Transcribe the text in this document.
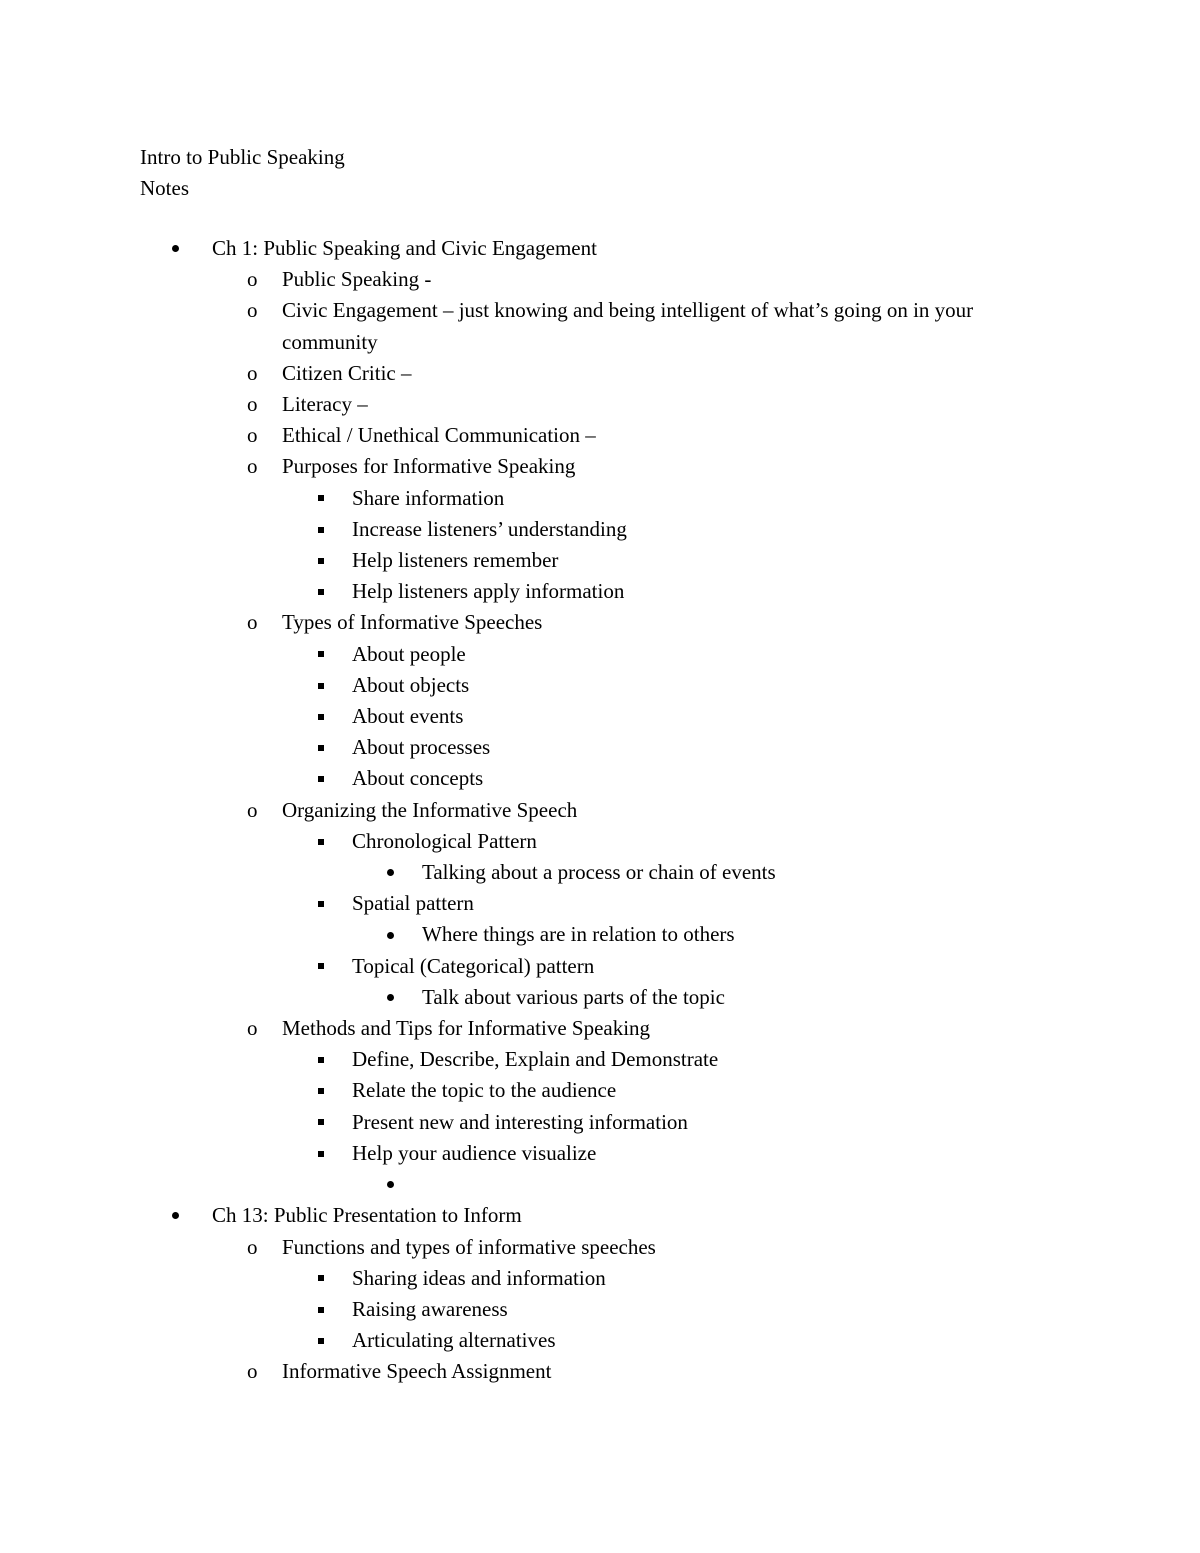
Intro to Public Speaking
Notes
Ch 1: Public Speaking and Civic Engagement
o Public Speaking -
o Civic Engagement – just knowing and being intelligent of what’s going on in your community
o Citizen Critic –
o Literacy –
o Ethical / Unethical Communication –
o Purposes for Informative Speaking
Share information
Increase listeners’ understanding
Help listeners remember
Help listeners apply information
o Types of Informative Speeches
About people
About objects
About events
About processes
About concepts
o Organizing the Informative Speech
Chronological Pattern
Talking about a process or chain of events
Spatial pattern
Where things are in relation to others
Topical (Categorical) pattern
Talk about various parts of the topic
o Methods and Tips for Informative Speaking
Define, Describe, Explain and Demonstrate
Relate the topic to the audience
Present new and interesting information
Help your audience visualize

Ch 13: Public Presentation to Inform
o Functions and types of informative speeches
Sharing ideas and information
Raising awareness
Articulating alternatives
o Informative Speech Assignment
